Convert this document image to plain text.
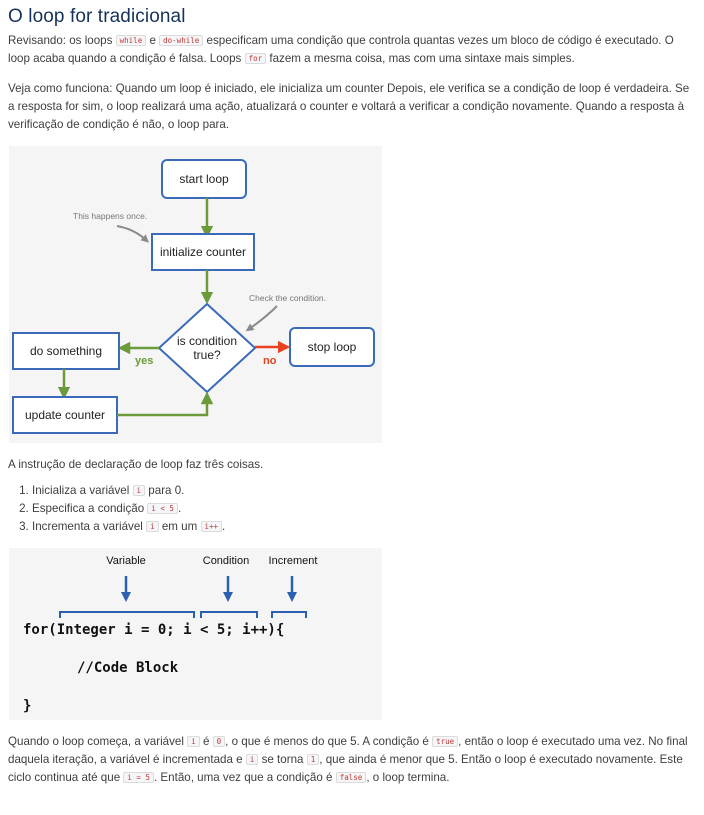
O loop for tradicional

Revisando: os loops while e do-while especificam uma condição que controla quantas vezes um bloco de código é executado. O loop acaba quando a condição é falsa. Loops for fazem a mesma coisa, mas com uma sintaxe mais simples.

Veja como funciona: Quando um loop é iniciado, ele inicializa um counter Depois, ele verifica se a condição de loop é verdadeira. Se a resposta for sim, o loop realizará uma ação, atualizará o counter e voltará a verificar a condição novamente. Quando a resposta à verificação de condição é não, o loop para.

start loop
This happens once.
initialize counter
Check the condition.
is condition
true?	no
stop loop
yes
do something
update counter

A instrução de declaração de loop faz três coisas.

1. Inicializa a variável i para 0.
2. Especifica a condição i < 5 .
3. Incrementa a variável i em um i++ .
Variable	Condition Increment
for(Integer i = 0; i < 5; i++){
//Code Block
}

Quando o loop começa, a variável i é 0 , o que é menos do que 5. A condição é true , então o loop é executado uma vez. No final daquela iteração, a variável é incrementada e i se torna 1 , que ainda é menor que 5. Então o loop é executado novamente. Este ciclo continua até que i = 5 . Então, uma vez que a condição é false , o loop termina.
